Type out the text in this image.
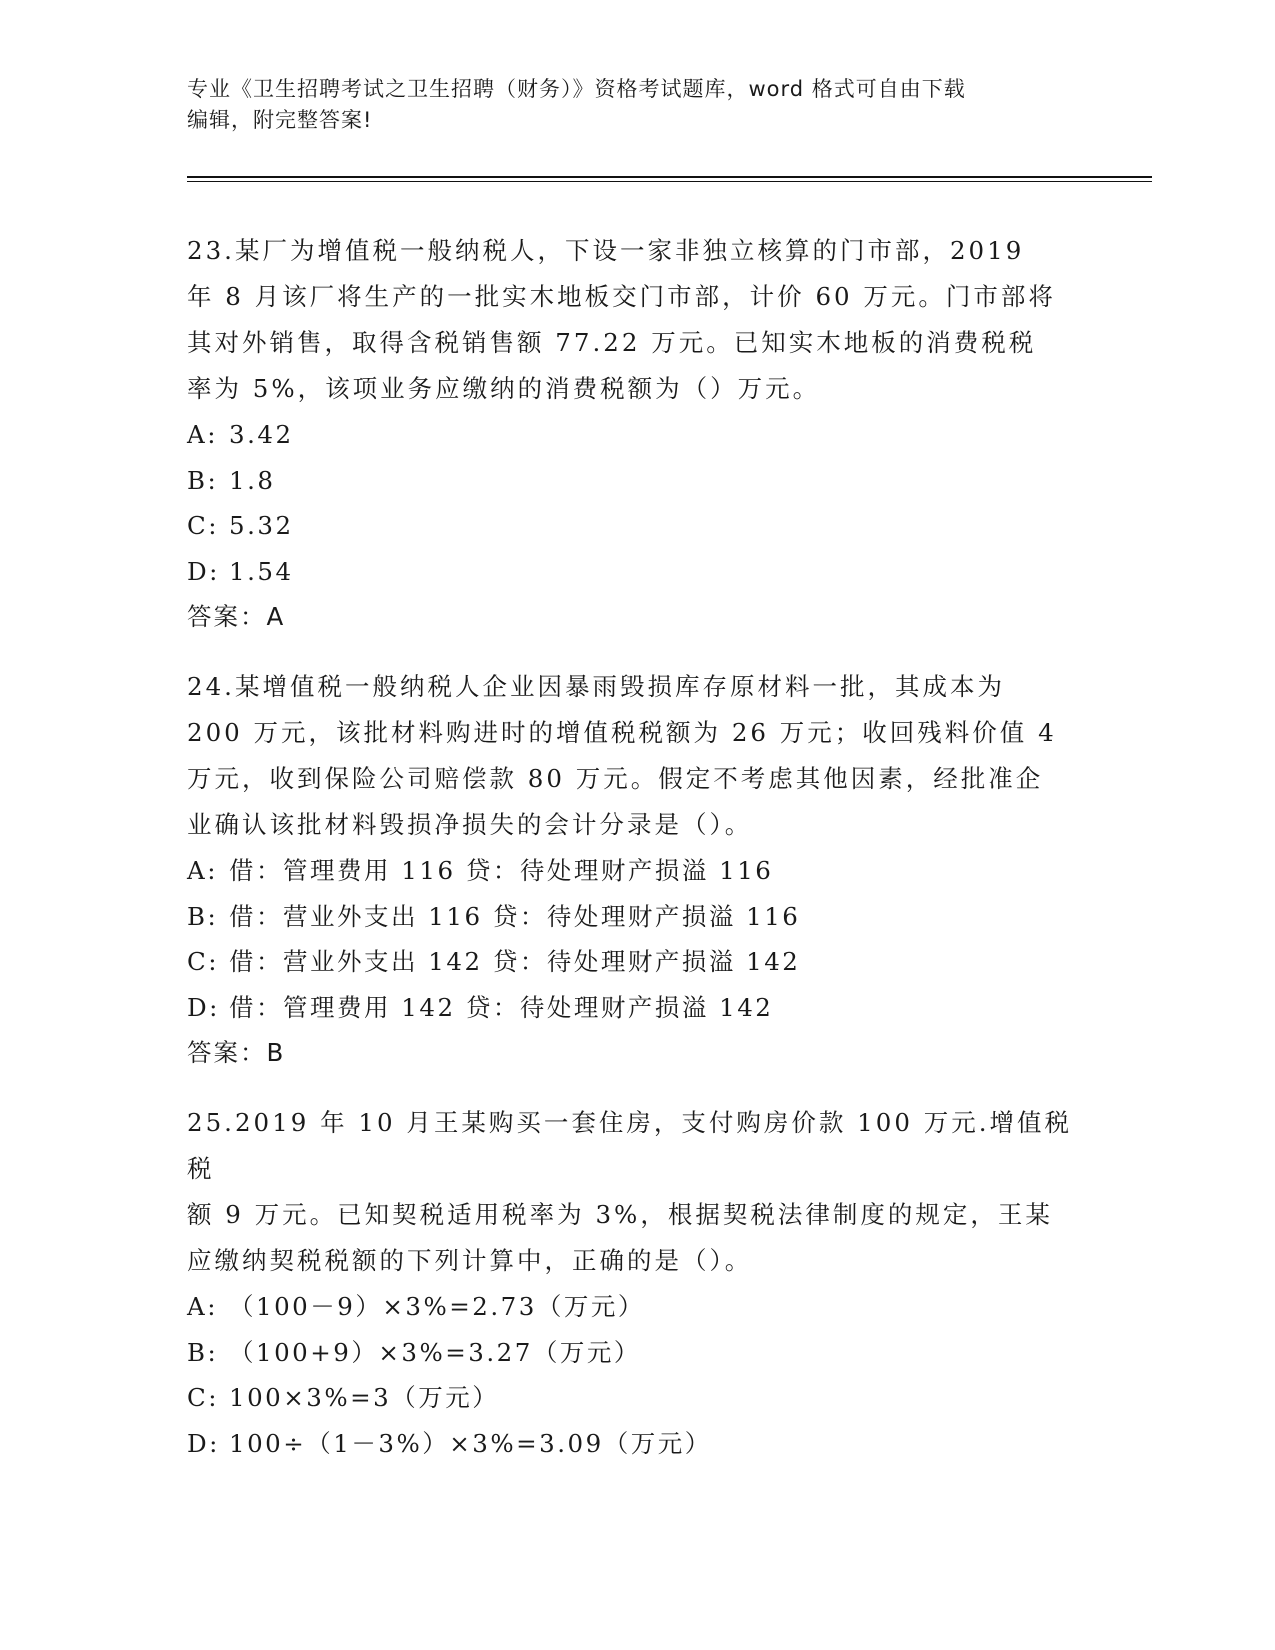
专业《卫生招聘考试之卫生招聘（财务）》资格考试题库，word 格式可自由下载
编辑，附完整答案!
23.某厂为增值税一般纳税人，下设一家非独立核算的门市部，2019
年 8 月该厂将生产的一批实木地板交门市部，计价 60 万元。门市部将
其对外销售，取得含税销售额 77.22 万元。已知实木地板的消费税税
率为 5%，该项业务应缴纳的消费税额为（）万元。
A: 3.42
B: 1.8
C: 5.32
D: 1.54
答案：A
24.某增值税一般纳税人企业因暴雨毁损库存原材料一批，其成本为
200 万元，该批材料购进时的增值税税额为 26 万元；收回残料价值 4
万元，收到保险公司赔偿款 80 万元。假定不考虑其他因素，经批准企
业确认该批材料毁损净损失的会计分录是（）。
A: 借：管理费用 116 贷：待处理财产损溢 116
B: 借：营业外支出 116 贷：待处理财产损溢 116
C: 借：营业外支出 142 贷：待处理财产损溢 142
D: 借：管理费用 142 贷：待处理财产损溢 142
答案：B
25.2019 年 10 月王某购买一套住房，支付购房价款 100 万元.增值税税
额 9 万元。已知契税适用税率为 3%，根据契税法律制度的规定，王某
应缴纳契税税额的下列计算中，正确的是（）。
A: （100－9）×3%=2.73（万元）
B: （100+9）×3%=3.27（万元）
C: 100×3%=3（万元）
D: 100÷（1－3%）×3%=3.09（万元）
